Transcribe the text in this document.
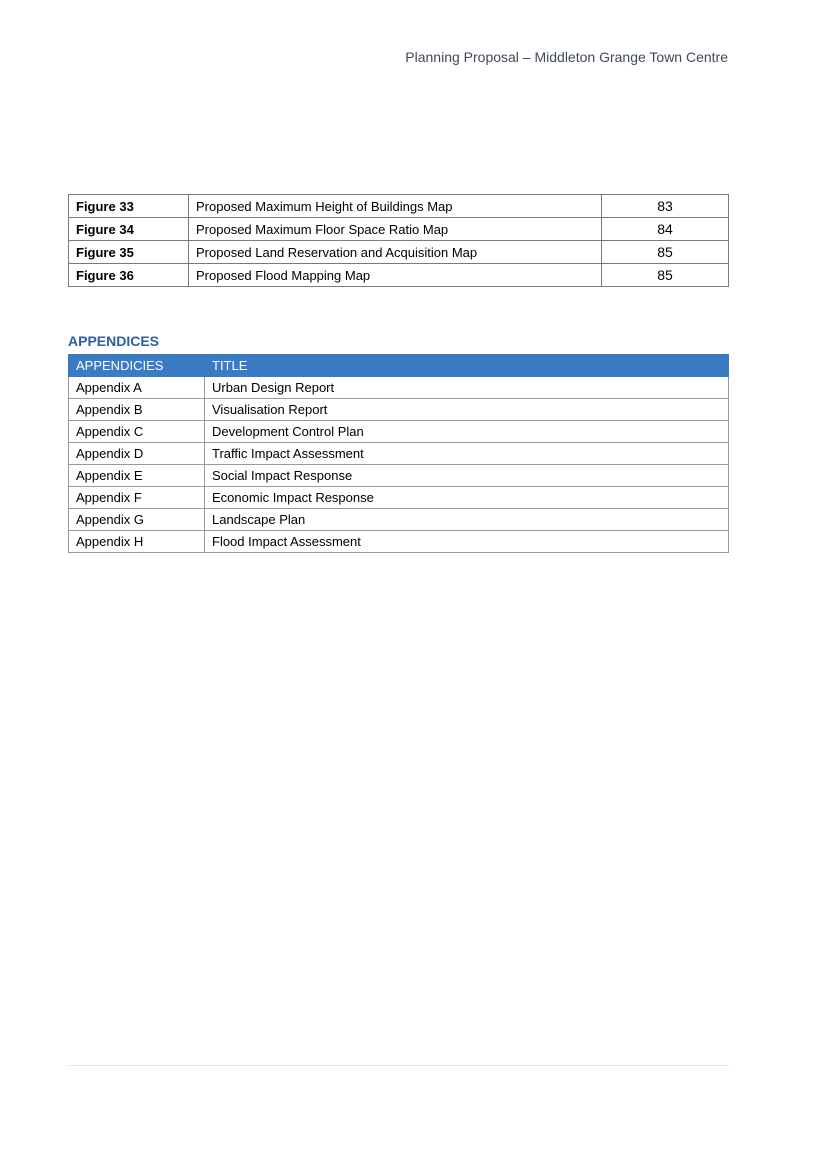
Planning Proposal – Middleton Grange Town Centre
Figure 33	Proposed Maximum Height of Buildings Map	83
Figure 34	Proposed Maximum Floor Space Ratio Map	84
Figure 35	Proposed Land Reservation and Acquisition Map	85
Figure 36	Proposed Flood Mapping Map	85
APPENDICES
APPENDICIES	TITLE
Appendix A	Urban Design Report
Appendix B	Visualisation Report
Appendix C	Development Control Plan
Appendix D	Traffic Impact Assessment
Appendix E	Social Impact Response
Appendix F	Economic Impact Response
Appendix G	Landscape Plan
Appendix H	Flood Impact Assessment
